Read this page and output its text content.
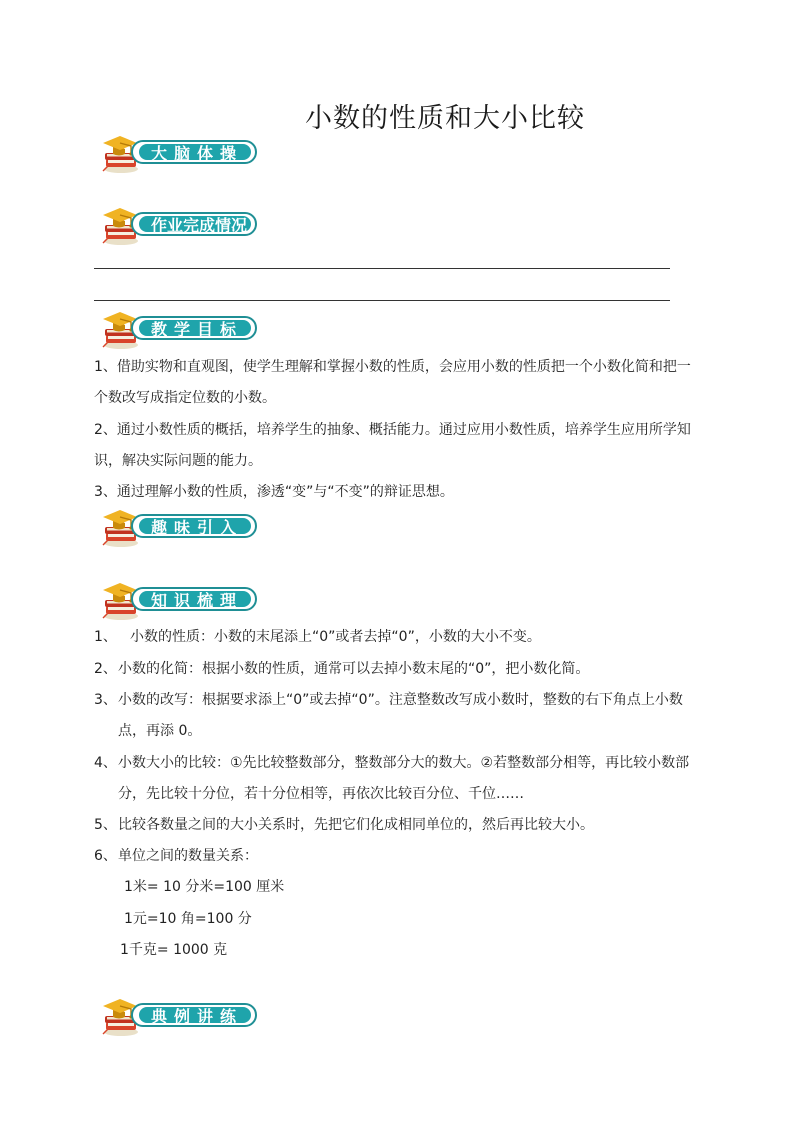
小数的性质和大小比较
大脑体操
作业完成情况
教学目标
1、借助实物和直观图，使学生理解和掌握小数的性质，会应用小数的性质把一个小数化简和把一个数改写成指定位数的小数。
2、通过小数性质的概括，培养学生的抽象、概括能力。通过应用小数性质，培养学生应用所学知识，解决实际问题的能力。
3、通过理解小数的性质，渗透“变”与“不变”的辩证思想。
趣味引入
知识梳理
1、 小数的性质：小数的末尾添上“0”或者去掉“0”，小数的大小不变。
2、 小数的化简：根据小数的性质，通常可以去掉小数末尾的“0”，把小数化简。
3、 小数的改写：根据要求添上“0”或去掉“0”。注意整数改写成小数时，整数的右下角点上小数点，再添 0。
4、 小数大小的比较：①先比较整数部分，整数部分大的数大。②若整数部分相等，再比较小数部分，先比较十分位，若十分位相等，再依次比较百分位、千位……
5、 比较各数量之间的大小关系时，先把它们化成相同单位的，然后再比较大小。
6、 单位之间的数量关系：
1米= 10 分米=100 厘米
1元=10 角=100 分
1千克= 1000 克
典例讲练
